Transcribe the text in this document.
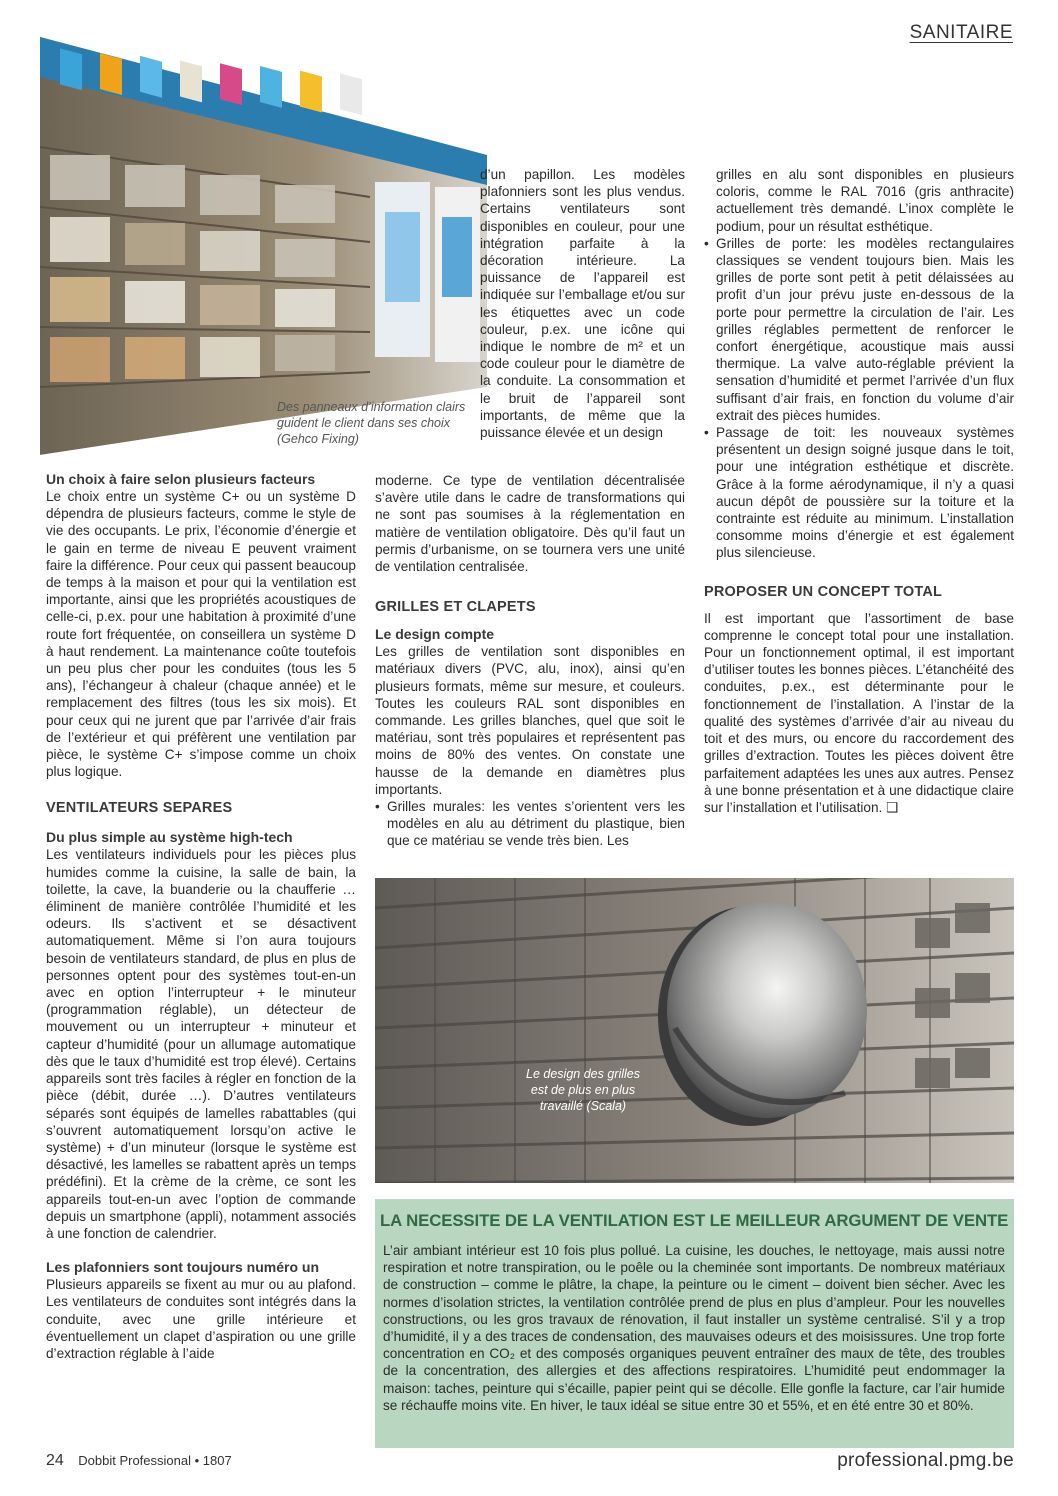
SANITAIRE
Des panneaux d’information clairs
guident le client dans ses choix
(Gehco Fixing)
Un choix à faire selon plusieurs facteurs
Le choix entre un système C+ ou un système D dépendra de plusieurs facteurs, comme le style de vie des occupants. Le prix, l’économie d’énergie et le gain en terme de niveau E peuvent vraiment faire la différence. Pour ceux qui passent beaucoup de temps à la maison et pour qui la ventilation est importante, ainsi que les propriétés acoustiques de celle-ci, p.ex. pour une habitation à proximité d’une route fort fréquentée, on conseillera un système D à haut rendement. La maintenance coûte toutefois un peu plus cher pour les conduites (tous les 5 ans), l’échangeur à chaleur (chaque année) et le remplacement des filtres (tous les six mois). Et pour ceux qui ne jurent que par l’arrivée d’air frais de l’extérieur et qui préfèrent une ventilation par pièce, le système C+ s’impose comme un choix plus logique.
VENTILATEURS SEPARES
Du plus simple au système high-tech
Les ventilateurs individuels pour les pièces plus humides comme la cuisine, la salle de bain, la toilette, la cave, la buanderie ou la chaufferie … éliminent de manière contrôlée l’humidité et les odeurs. Ils s’activent et se désactivent automatiquement. Même si l’on aura toujours besoin de ventilateurs standard, de plus en plus de personnes optent pour des systèmes tout-en-un avec en option l’interrupteur + le minuteur (programmation réglable), un détecteur de mouvement ou un interrupteur + minuteur et capteur d’humidité (pour un allumage automatique dès que le taux d’humidité est trop élevé). Certains appareils sont très faciles à régler en fonction de la pièce (débit, durée …). D’autres ventilateurs séparés sont équipés de lamelles rabattables (qui s’ouvrent automatiquement lorsqu’on active le système) + d’un minuteur (lorsque le système est désactivé, les lamelles se rabattent après un temps prédéfini). Et la crème de la crème, ce sont les appareils tout-en-un avec l’option de commande depuis un smartphone (appli), notamment associés à une fonction de calendrier.
Les plafonniers sont toujours numéro un
Plusieurs appareils se fixent au mur ou au plafond. Les ventilateurs de conduites sont intégrés dans la conduite, avec une grille intérieure et éventuellement un clapet d’aspiration ou une grille d’extraction réglable à l’aide
d’un papillon. Les modèles plafonniers sont les plus vendus. Certains ventilateurs sont disponibles en couleur, pour une intégration parfaite à la décoration intérieure. La puissance de l’appareil est indiquée sur l’emballage et/ou sur les étiquettes avec un code couleur, p.ex. une icône qui indique le nombre de m² et un code couleur pour le diamètre de la conduite. La consommation et le bruit de l’appareil sont importants, de même que la puissance élevée et un design
moderne. Ce type de ventilation décentralisée s’avère utile dans le cadre de transformations qui ne sont pas soumises à la réglementation en matière de ventilation obligatoire. Dès qu’il faut un permis d’urbanisme, on se tournera vers une unité de ventilation centralisée.
GRILLES ET CLAPETS
Le design compte
Les grilles de ventilation sont disponibles en matériaux divers (PVC, alu, inox), ainsi qu’en plusieurs formats, même sur mesure, et couleurs. Toutes les couleurs RAL sont disponibles en commande. Les grilles blanches, quel que soit le matériau, sont très populaires et représentent pas moins de 80% des ventes. On constate une hausse de la demande en diamètres plus importants.
• Grilles murales: les ventes s’orientent vers les modèles en alu au détriment du plastique, bien que ce matériau se vende très bien. Les
grilles en alu sont disponibles en plusieurs coloris, comme le RAL 7016 (gris anthracite) actuellement très demandé. L’inox complète le podium, pour un résultat esthétique.
• Grilles de porte: les modèles rectangulaires classiques se vendent toujours bien. Mais les grilles de porte sont petit à petit délaissées au profit d’un jour prévu juste en-dessous de la porte pour permettre la circulation de l’air. Les grilles réglables permettent de renforcer le confort énergétique, acoustique mais aussi thermique. La valve auto-réglable prévient la sensation d’humidité et permet l’arrivée d’un flux suffisant d’air frais, en fonction du volume d’air extrait des pièces humides.
• Passage de toit: les nouveaux systèmes présentent un design soigné jusque dans le toit, pour une intégration esthétique et discrète. Grâce à la forme aérodynamique, il n’y a quasi aucun dépôt de poussière sur la toiture et la contrainte est réduite au minimum. L’installation consomme moins d’énergie et est également plus silencieuse.
PROPOSER UN CONCEPT TOTAL
Il est important que l’assortiment de base comprenne le concept total pour une installation. Pour un fonctionnement optimal, il est important d’utiliser toutes les bonnes pièces. L’étanchéité des conduites, p.ex., est déterminante pour le fonctionnement de l’installation. A l’instar de la qualité des systèmes d’arrivée d’air au niveau du toit et des murs, ou encore du raccordement des grilles d’extraction. Toutes les pièces doivent être parfaitement adaptées les unes aux autres. Pensez à une bonne présentation et à une didactique claire sur l’installation et l’utilisation. ❑
Le design des grilles
est de plus en plus
travaillé (Scala)
LA NECESSITE DE LA VENTILATION EST LE MEILLEUR ARGUMENT DE VENTE
L’air ambiant intérieur est 10 fois plus pollué. La cuisine, les douches, le nettoyage, mais aussi notre respiration et notre transpiration, ou le poêle ou la cheminée sont importants. De nombreux matériaux de construction – comme le plâtre, la chape, la peinture ou le ciment – doivent bien sécher. Avec les normes d’isolation strictes, la ventilation contrôlée prend de plus en plus d’ampleur. Pour les nouvelles constructions, ou les gros travaux de rénovation, il faut installer un système centralisé. S’il y a trop d’humidité, il y a des traces de condensation, des mauvaises odeurs et des moisissures. Une trop forte concentration en CO₂ et des composés organiques peuvent entraîner des maux de tête, des troubles de la concentration, des allergies et des affections respiratoires. L’humidité peut endommager la maison: taches, peinture qui s’écaille, papier peint qui se décolle. Elle gonfle la facture, car l’air humide se réchauffe moins vite. En hiver, le taux idéal se situe entre 30 et 55%, et en été entre 30 et 80%.
24 Dobbit Professional • 1807	professional.pmg.be
